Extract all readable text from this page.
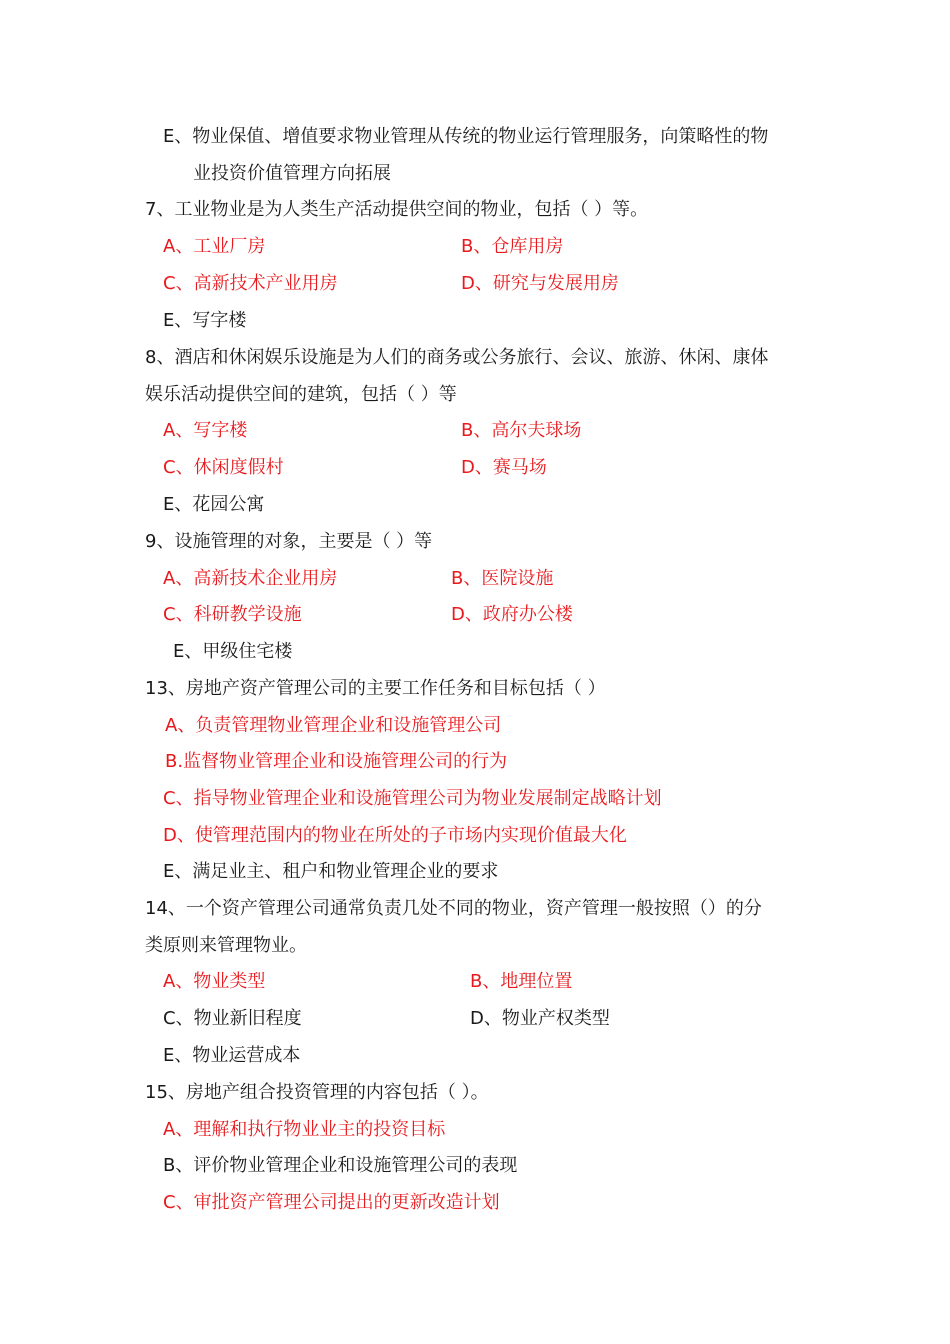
E、物业保值、增值要求物业管理从传统的物业运行管理服务，向策略性的物
业投资价值管理方向拓展
7、工业物业是为人类生产活动提供空间的物业，包括（ ）等。
A、工业厂房	B、仓库用房
C、高新技术产业用房	D、研究与发展用房
E、写字楼
8、酒店和休闲娱乐设施是为人们的商务或公务旅行、会议、旅游、休闲、康体
娱乐活动提供空间的建筑，包括（ ）等
A、写字楼	B、高尔夫球场
C、休闲度假村	D、赛马场
E、花园公寓
9、设施管理的对象，主要是（ ）等
A、高新技术企业用房	B、医院设施
C、科研教学设施	D、政府办公楼
E、甲级住宅楼
13、房地产资产管理公司的主要工作任务和目标包括（ ）
A、负责管理物业管理企业和设施管理公司
B.监督物业管理企业和设施管理公司的行为
C、指导物业管理企业和设施管理公司为物业发展制定战略计划
D、使管理范围内的物业在所处的子市场内实现价值最大化
E、满足业主、租户和物业管理企业的要求
14、一个资产管理公司通常负责几处不同的物业，资产管理一般按照（）的分
类原则来管理物业。
A、物业类型	B、地理位置
C、物业新旧程度	D、物业产权类型
E、物业运营成本
15、房地产组合投资管理的内容包括（ ）。
A、理解和执行物业业主的投资目标
B、评价物业管理企业和设施管理公司的表现
C、审批资产管理公司提出的更新改造计划
